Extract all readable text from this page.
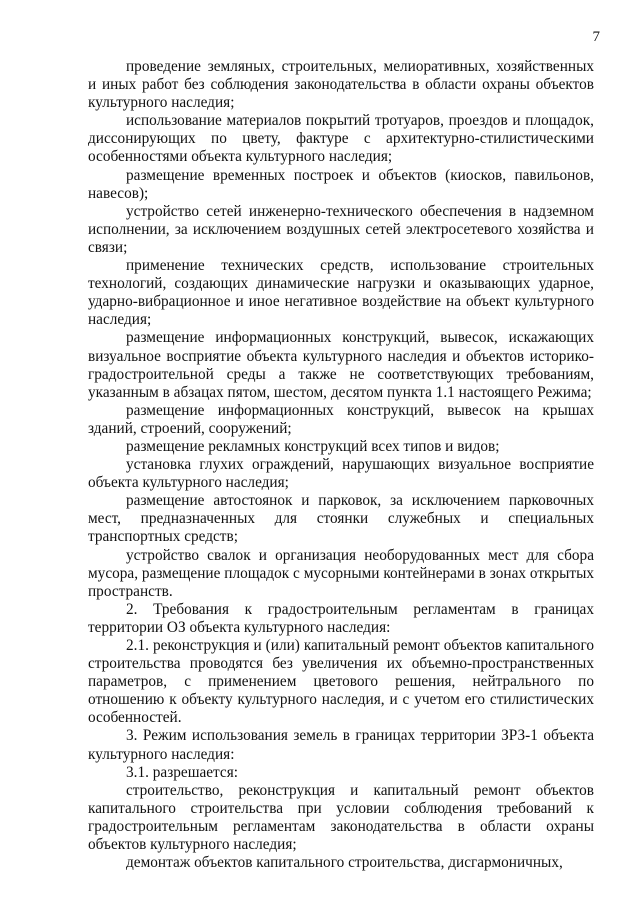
7

проведение земляных, строительных, мелиоративных, хозяйственных и иных работ без соблюдения законодательства в области охраны объектов культурного наследия;

использование материалов покрытий тротуаров, проездов и площадок, диссонирующих по цвету, фактуре с архитектурно-стилистическими особенностями объекта культурного наследия;

размещение временных построек и объектов (киосков, павильонов, навесов);

устройство сетей инженерно-технического обеспечения в надземном исполнении, за исключением воздушных сетей электросетевого хозяйства и связи;

применение технических средств, использование строительных технологий, создающих динамические нагрузки и оказывающих ударное, ударно-вибрационное и иное негативное воздействие на объект культурного наследия;

размещение информационных конструкций, вывесок, искажающих визуальное восприятие объекта культурного наследия и объектов историко-градостроительной среды а также не соответствующих требованиям, указанным в абзацах пятом, шестом, десятом пункта 1.1 настоящего Режима;

размещение информационных конструкций, вывесок на крышах зданий, строений, сооружений;

размещение рекламных конструкций всех типов и видов;

установка глухих ограждений, нарушающих визуальное восприятие объекта культурного наследия;

размещение автостоянок и парковок, за исключением парковочных мест, предназначенных для стоянки служебных и специальных транспортных средств;

устройство свалок и организация необорудованных мест для сбора мусора, размещение площадок с мусорными контейнерами в зонах открытых пространств.

2. Требования к градостроительным регламентам в границах территории ОЗ объекта культурного наследия:

2.1. реконструкция и (или) капитальный ремонт объектов капитального строительства проводятся без увеличения их объемно-пространственных параметров, с применением цветового решения, нейтрального по отношению к объекту культурного наследия, и с учетом его стилистических особенностей.

3. Режим использования земель в границах территории ЗРЗ-1 объекта культурного наследия:

3.1. разрешается:

строительство, реконструкция и капитальный ремонт объектов капитального строительства при условии соблюдения требований к градостроительным регламентам законодательства в области охраны объектов культурного наследия;

демонтаж объектов капитального строительства, дисгармоничных,
